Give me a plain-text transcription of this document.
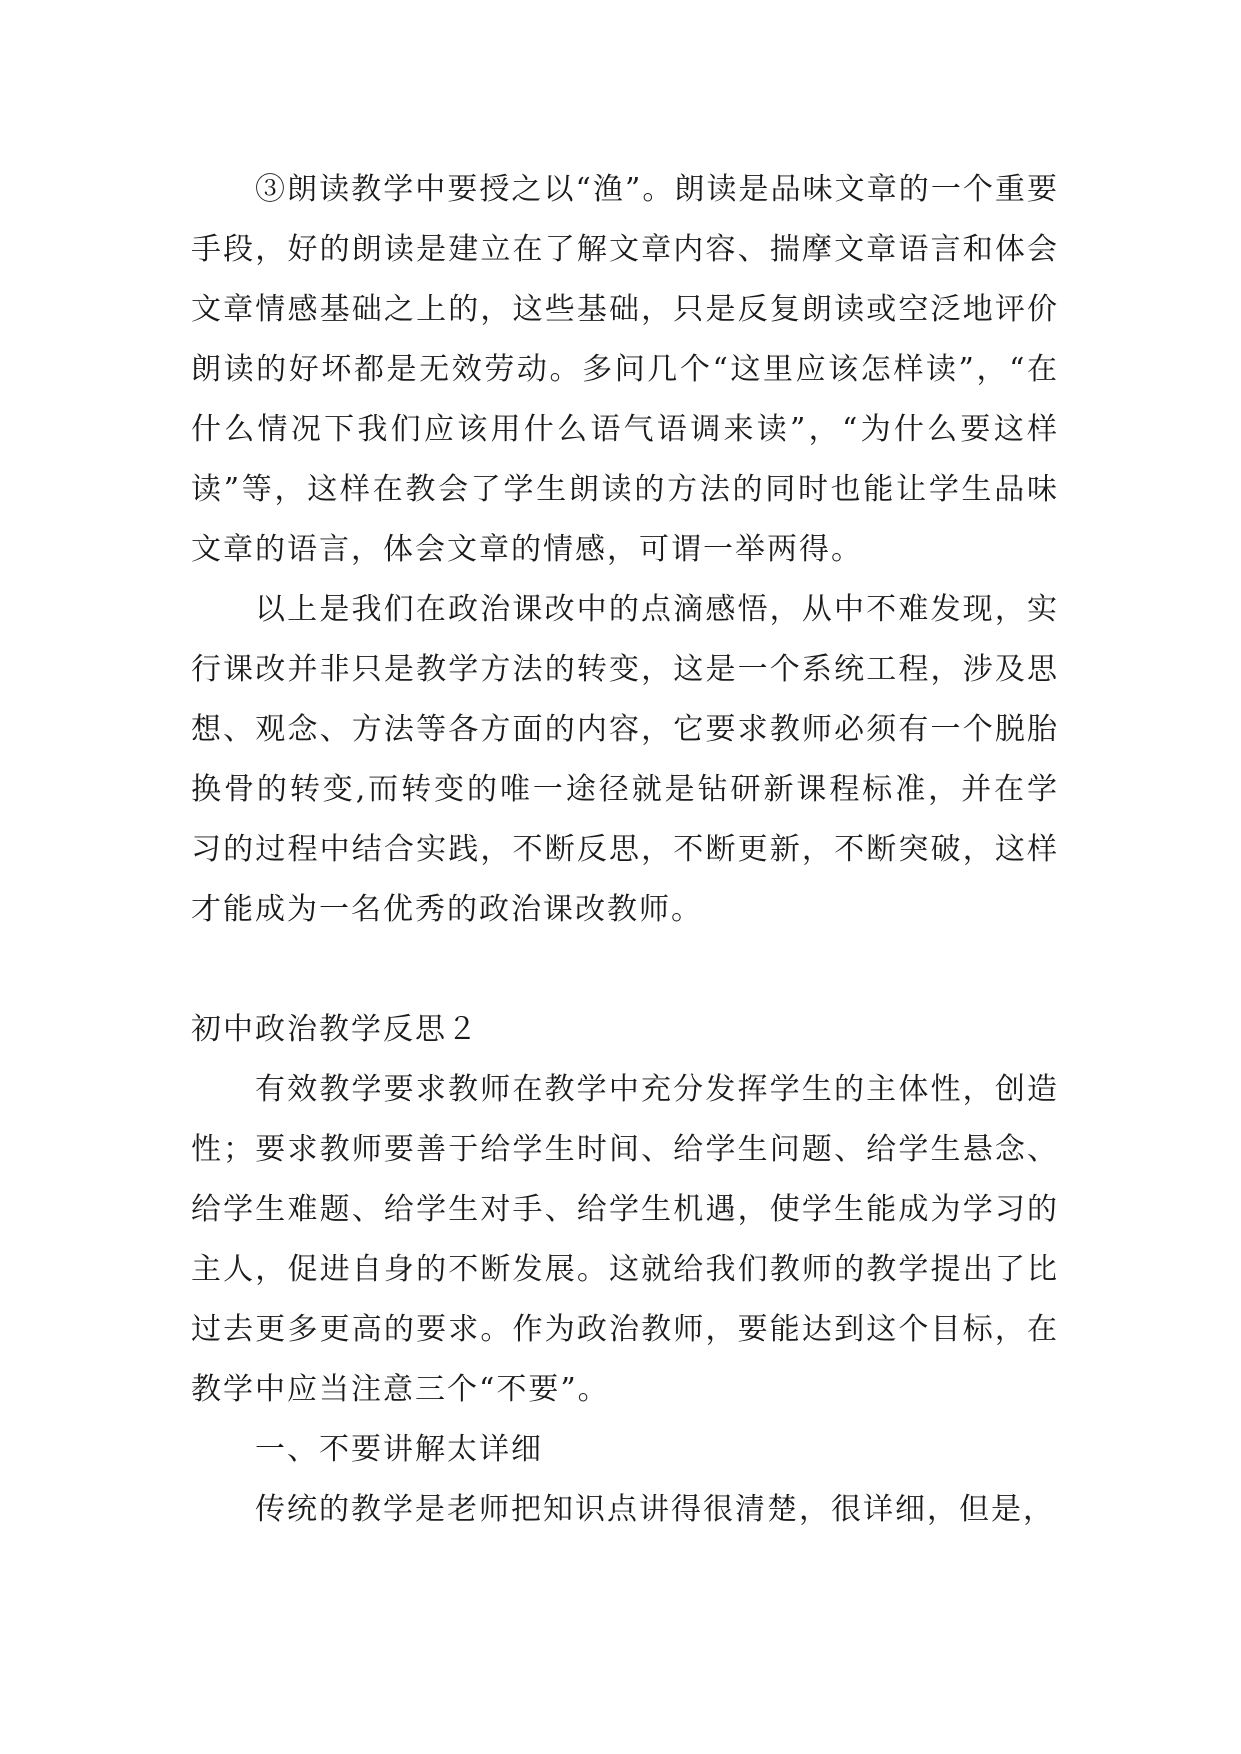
③朗读教学中要授之以“渔”。朗读是品味文章的一个重要手段，好的朗读是建立在了解文章内容、揣摩文章语言和体会文章情感基础之上的，这些基础，只是反复朗读或空泛地评价朗读的好坏都是无效劳动。多问几个“这里应该怎样读”，“在什么情况下我们应该用什么语气语调来读”，“为什么要这样读”等，这样在教会了学生朗读的方法的同时也能让学生品味文章的语言，体会文章的情感，可谓一举两得。

以上是我们在政治课改中的点滴感悟，从中不难发现，实行课改并非只是教学方法的转变，这是一个系统工程，涉及思想、观念、方法等各方面的内容，它要求教师必须有一个脱胎换骨的转变,而转变的唯一途径就是钻研新课程标准，并在学习的过程中结合实践，不断反思，不断更新，不断突破，这样才能成为一名优秀的政治课改教师。

初中政治教学反思２

有效教学要求教师在教学中充分发挥学生的主体性，创造性；要求教师要善于给学生时间、给学生问题、给学生悬念、给学生难题、给学生对手、给学生机遇，使学生能成为学习的主人，促进自身的不断发展。这就给我们教师的教学提出了比过去更多更高的要求。作为政治教师，要能达到这个目标，在教学中应当注意三个“不要”。

一、不要讲解太详细

传统的教学是老师把知识点讲得很清楚，很详细，但是，
